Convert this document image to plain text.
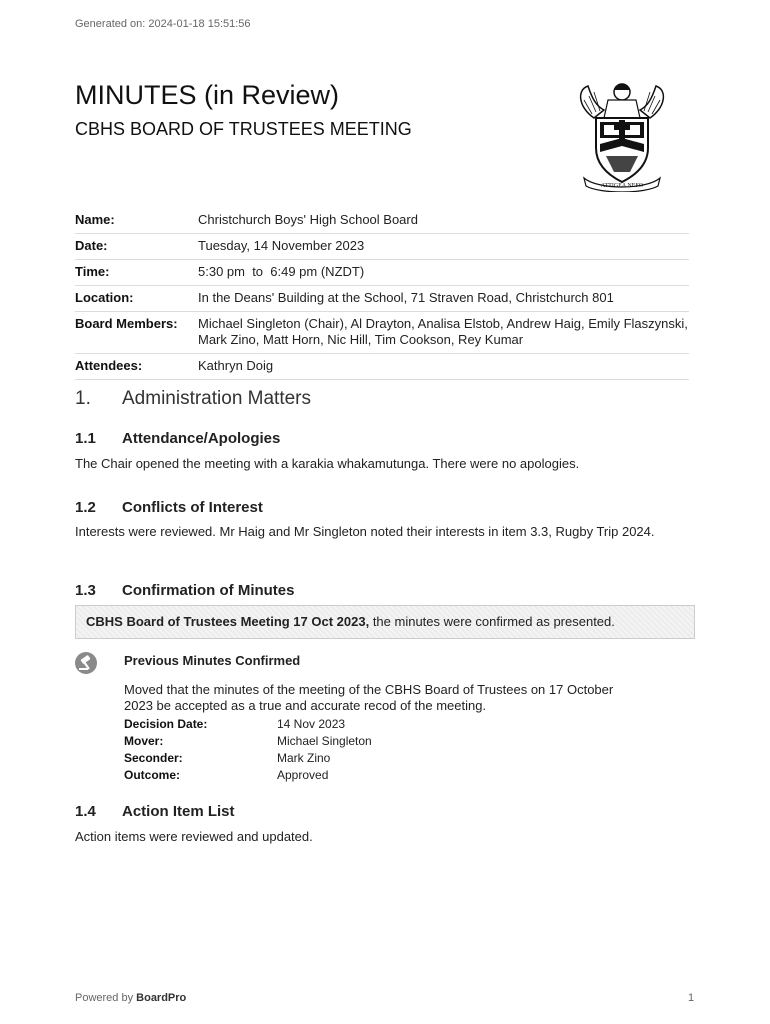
Generated on: 2024-01-18 15:51:56
MINUTES (in Review)
CBHS BOARD OF TRUSTEES MEETING
ATTIGEA NEFO
Name:	Christchurch Boys' High School Board
Date:	Tuesday, 14 November 2023
Time:	5:30 pm  to  6:49 pm (NZDT)
Location:	In the Deans' Building at the School, 71 Straven Road, Christchurch 801
Board Members:	Michael Singleton (Chair), Al Drayton, Analisa Elstob, Andrew Haig, Emily Flaszynski, Mark Zino, Matt Horn, Nic Hill, Tim Cookson, Rey Kumar
Attendees:	Kathryn Doig
1.	Administration Matters
1.1	Attendance/Apologies
The Chair opened the meeting with a karakia whakamutunga. There were no apologies.
1.2	Conflicts of Interest
Interests were reviewed. Mr Haig and Mr Singleton noted their interests in item 3.3, Rugby Trip 2024.
1.3	Confirmation of Minutes
CBHS Board of Trustees Meeting 17 Oct 2023, the minutes were confirmed as presented.
Previous Minutes Confirmed
Moved that the minutes of the meeting of the CBHS Board of Trustees on 17 October 2023 be accepted as a true and accurate recod of the meeting.
Decision Date:	14 Nov 2023
Mover:	Michael Singleton
Seconder:	Mark Zino
Outcome:	Approved
1.4	Action Item List
Action items were reviewed and updated.
Powered by BoardPro	1
